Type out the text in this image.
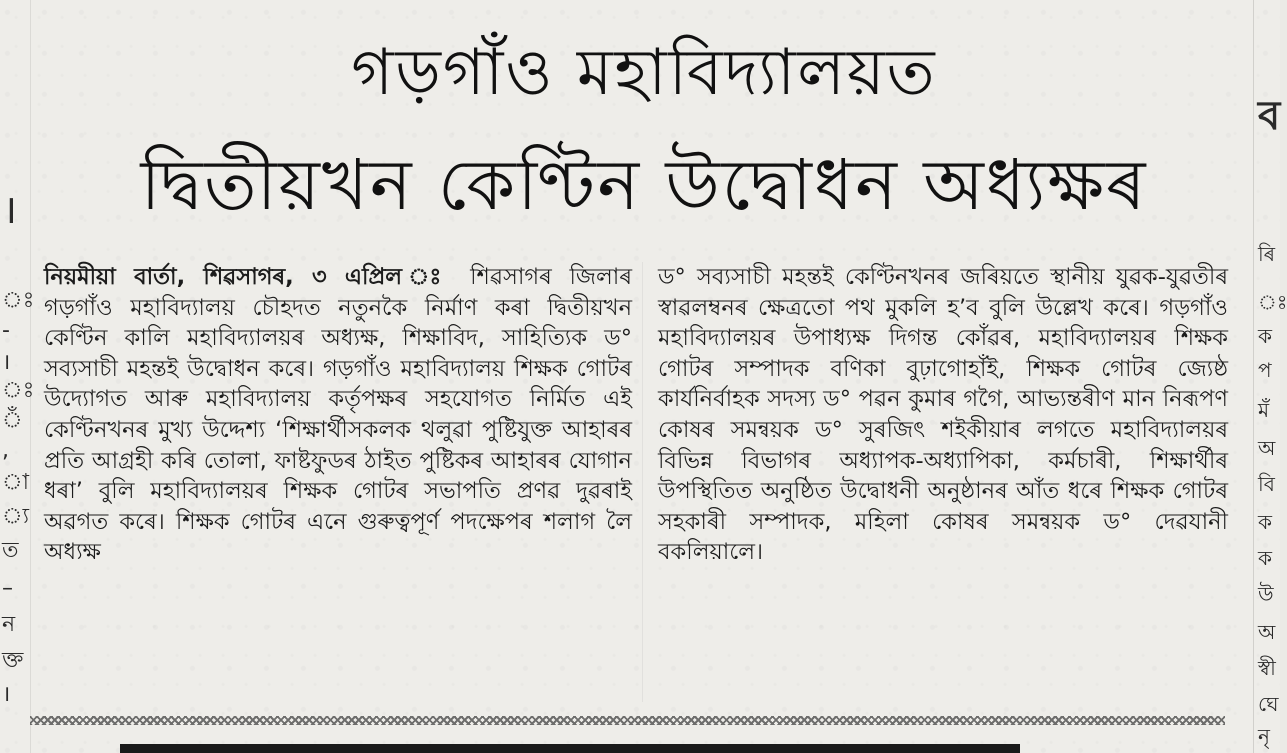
।
ঃ
-
।
ঃ
ঁ
,
া
্য
ত
–
ন
ক্ত
।
গড়গাঁও মহাবিদ্যালয়ত
দ্বিতীয়খন কেণ্টিন উদ্বোধন অধ্যক্ষৰ
নিয়মীয়া বাৰ্তা, শিৱসাগৰ, ৩ এপ্ৰিল ঃ শিৱসাগৰ জিলাৰ গড়গাঁও মহাবিদ্যালয় চৌহদত নতুনকৈ নিৰ্মাণ কৰা দ্বিতীয়খন কেণ্টিন কালি মহাবিদ্যালয়ৰ অধ্যক্ষ, শিক্ষাবিদ, সাহিত্যিক ড° সব্যসাচী মহন্তই উদ্বোধন কৰে। গড়গাঁও মহাবিদ্যালয় শিক্ষক গোটৰ উদ্যোগত আৰু মহাবিদ্যালয় কৰ্তৃপক্ষৰ সহযোগত নিৰ্মিত এই কেণ্টিনখনৰ মুখ্য উদ্দেশ্য ‘শিক্ষাৰ্থীসকলক থলুৱা পুষ্টিযুক্ত আহাৰৰ প্ৰতি আগ্ৰহী কৰি তোলা, ফাষ্টফুডৰ ঠাইত পুষ্টিকৰ আহাৰৰ যোগান ধৰা’ বুলি মহাবিদ্যালয়ৰ শিক্ষক গোটৰ সভাপতি প্ৰণৱ দুৱৰাই অৱগত কৰে। শিক্ষক গোটৰ এনে গুৰুত্বপূৰ্ণ পদক্ষেপৰ শলাগ লৈ অধ্যক্ষ
ড° সব্যসাচী মহন্তই কেণ্টিনখনৰ জৰিয়তে স্থানীয় যুৱক-যুৱতীৰ স্বাৱলম্বনৰ ক্ষেত্ৰতো পথ মুকলি হ’ব বুলি উল্লেখ কৰে। গড়গাঁও মহাবিদ্যালয়ৰ উপাধ্যক্ষ দিগন্ত কোঁৱৰ, মহাবিদ্যালয়ৰ শিক্ষক গোটৰ সম্পাদক বণিকা বুঢ়াগোহাঁই, শিক্ষক গোটৰ জ্যেষ্ঠ কাৰ্যনিৰ্বাহক সদস্য ড° পৱন কুমাৰ গগৈ, আভ্যন্তৰীণ মান নিৰূপণ কোষৰ সমন্বয়ক ড° সুৰজিৎ শইকীয়াৰ লগতে মহাবিদ্যালয়ৰ বিভিন্ন বিভাগৰ অধ্যাপক-অধ্যাপিকা, কৰ্মচাৰী, শিক্ষাৰ্থীৰ উপস্থিতিত অনুষ্ঠিত উদ্বোধনী অনুষ্ঠানৰ আঁত ধৰে শিক্ষক গোটৰ সহকাৰী সম্পাদক, মহিলা কোষৰ সমন্বয়ক ড° দেৱযানী বকলিয়ালে।
ব
ৰি
ঃ
ক
প
মঁ
অ
বি
ক
ক
উ
অ
স্বী
ঘে
নৃ
